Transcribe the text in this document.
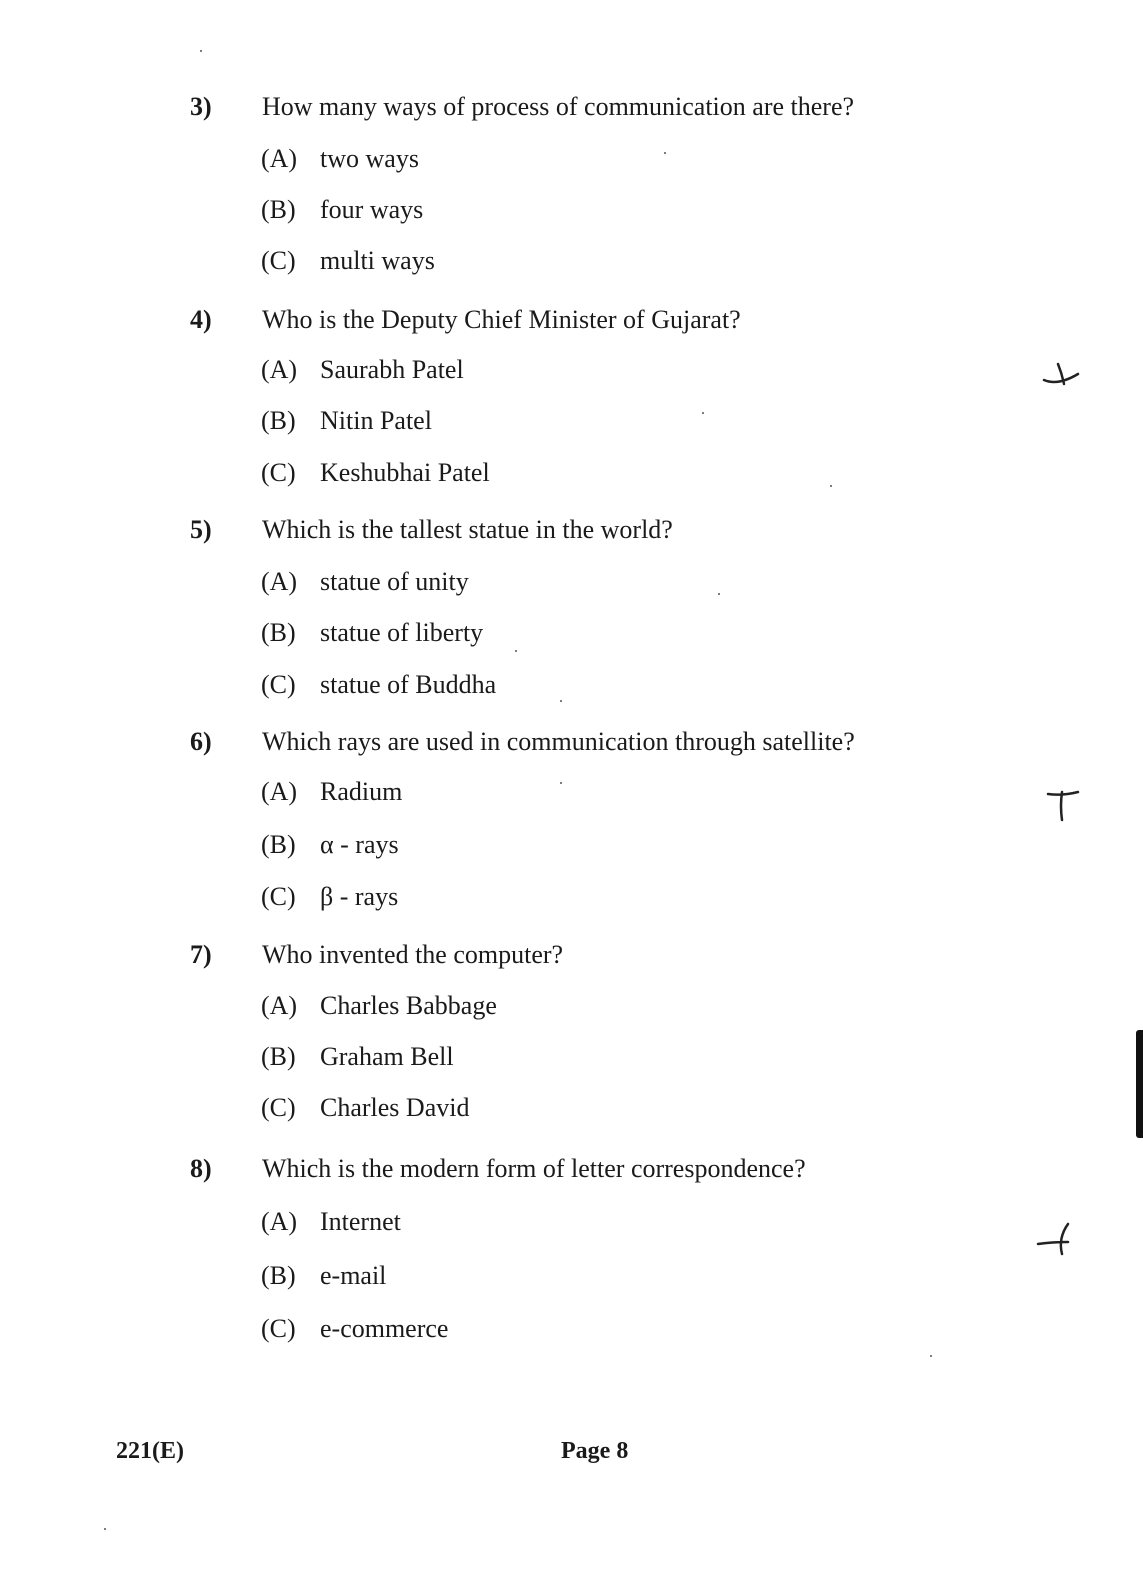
3) How many ways of process of communication are there?
(A) two ways
(B) four ways
(C) multi ways
4) Who is the Deputy Chief Minister of Gujarat?
(A) Saurabh Patel
(B) Nitin Patel
(C) Keshubhai Patel
5) Which is the tallest statue in the world?
(A) statue of unity
(B) statue of liberty
(C) statue of Buddha
6) Which rays are used in communication through satellite?
(A) Radium
(B) α - rays
(C) β - rays
7) Who invented the computer?
(A) Charles Babbage
(B) Graham Bell
(C) Charles David
8) Which is the modern form of letter correspondence?
(A) Internet
(B) e-mail
(C) e-commerce
221(E)	Page 8
